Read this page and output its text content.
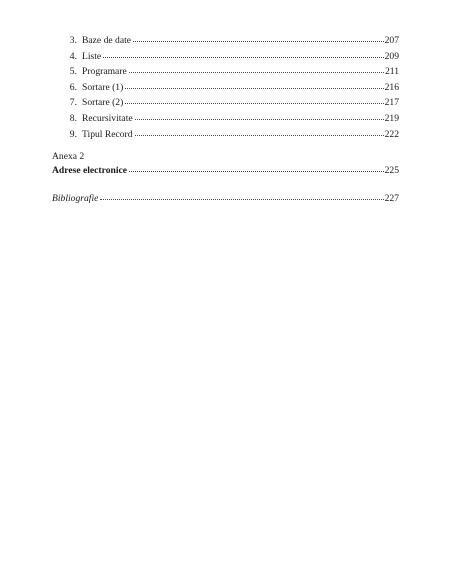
3. Baze de date	207
4. Liste	209
5. Programare	211
6. Sortare (1)	216
7. Sortare (2)	217
8. Recursivitate	219
9. Tipul Record	222
Anexa 2
Adrese electronice	225
Bibliografie	227
